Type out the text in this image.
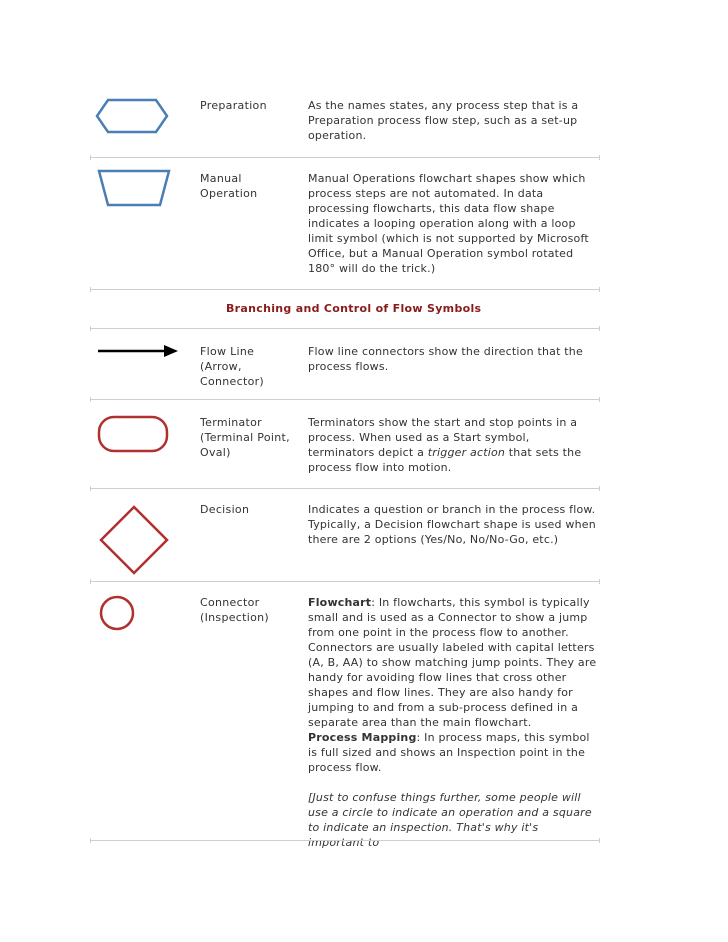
Preparation	As the names states, any process step that is a Preparation process flow step, such as a set-up operation.
Manual
Operation
Manual Operations flowchart shapes show which process steps are not automated. In data processing flowcharts, this data flow shape indicates a looping operation along with a loop limit symbol (which is not supported by Microsoft Office, but a Manual Operation symbol rotated 180° will do the trick.)
Branching and Control of Flow Symbols
Flow Line
(Arrow,
Connector)
Flow line connectors show the direction that the process flows.
Terminator
(Terminal Point,
Oval)
Terminators show the start and stop points in a process. When used as a Start symbol, terminators depict a trigger action that sets the process flow into motion.
Decision	Indicates a question or branch in the process flow. Typically, a Decision flowchart shape is used when there are 2 options (Yes/No, No/No-Go, etc.)
Connector
(Inspection)

Flowchart: In flowcharts, this symbol is typically small and is used as a Connector to show a jump from one point in the process flow to another. Connectors are usually labeled with capital letters (A, B, AA) to show matching jump points. They are handy for avoiding flow lines that cross other shapes and flow lines. They are also handy for jumping to and from a sub-process defined in a separate area than the main flowchart.

Process Mapping: In process maps, this symbol is full sized and shows an Inspection point in the process flow.

[Just to confuse things further, some people will use a circle to indicate an operation and a square to indicate an inspection. That's why it's important to
